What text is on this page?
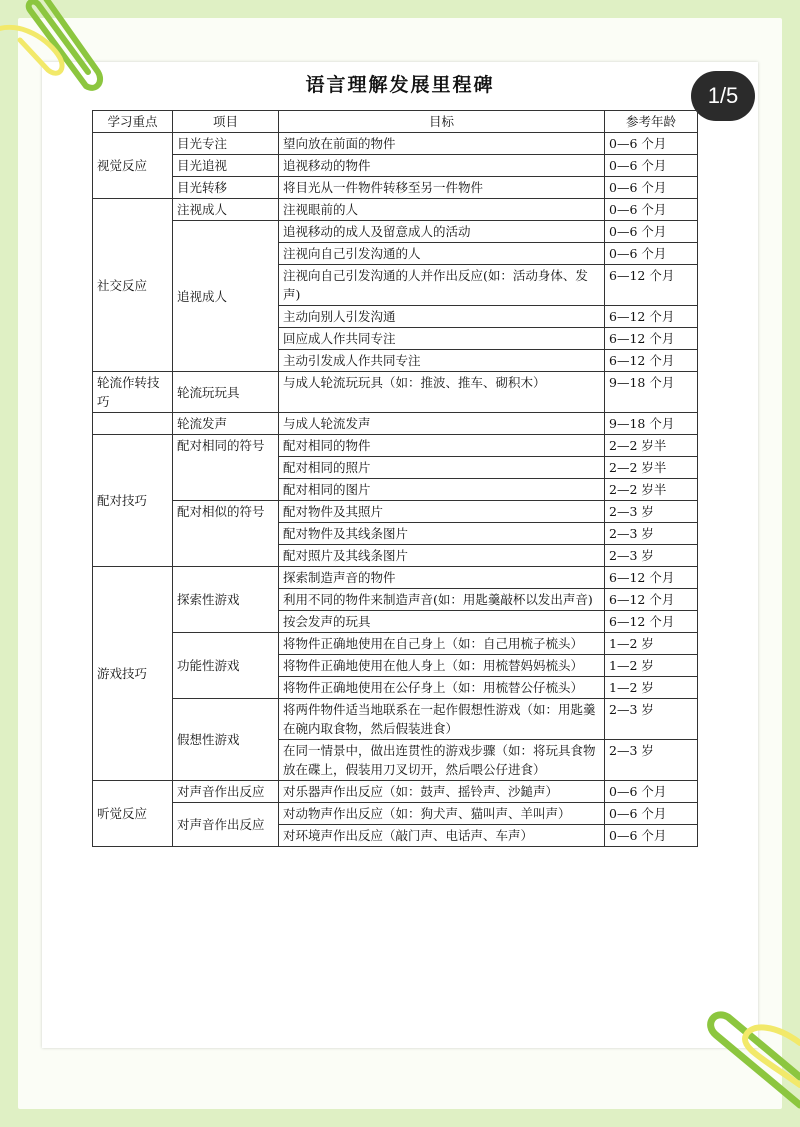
语言理解发展里程碑	1/5
学习重点	项目	目标	参考年龄
视觉反应	目光专注	望向放在前面的物件	0—6 个月
	目光追视	追视移动的物件	0—6 个月
	目光转移	将目光从一件物件转移至另一件物件	0—6 个月
社交反应	注视成人	注视眼前的人	0—6 个月
	追视成人	追视移动的成人及留意成人的活动	0—6 个月
		注视向自己引发沟通的人	0—6 个月
		注视向自己引发沟通的人并作出反应(如：活动身体、发声)	6—12 个月
		主动向别人引发沟通	6—12 个月
		回应成人作共同专注	6—12 个月
		主动引发成人作共同专注	6—12 个月
轮流作转技巧	轮流玩玩具	与成人轮流玩玩具（如：推波、推车、砌积木）	9—18 个月
	轮流发声	与成人轮流发声	9—18 个月
配对技巧	配对相同的符号	配对相同的物件	2—2 岁半
		配对相同的照片	2—2 岁半
		配对相同的图片	2—2 岁半
	配对相似的符号	配对物件及其照片	2—3 岁
		配对物件及其线条图片	2—3 岁
		配对照片及其线条图片	2—3 岁
游戏技巧	探索性游戏	探索制造声音的物件	6—12 个月
		利用不同的物件来制造声音(如：用匙羹敲杯以发出声音)	6—12 个月
		按会发声的玩具	6—12 个月
	功能性游戏	将物件正确地使用在自己身上（如：自己用梳子梳头）	1—2 岁
		将物件正确地使用在他人身上（如：用梳替妈妈梳头）	1—2 岁
		将物件正确地使用在公仔身上（如：用梳替公仔梳头）	1—2 岁
	假想性游戏	将两件物件适当地联系在一起作假想性游戏（如：用匙羹在碗内取食物，然后假装进食）	2—3 岁
		在同一情景中，做出连贯性的游戏步骤（如：将玩具食物放在碟上，假装用刀叉切开，然后喂公仔进食）	2—3 岁
听觉反应	对声音作出反应	对乐器声作出反应（如：鼓声、摇铃声、沙鎚声）	0—6 个月
	对声音作出反应	对动物声作出反应（如：狗犬声、猫叫声、羊叫声）	0—6 个月
		对环境声作出反应（敲门声、电话声、车声）	0—6 个月
